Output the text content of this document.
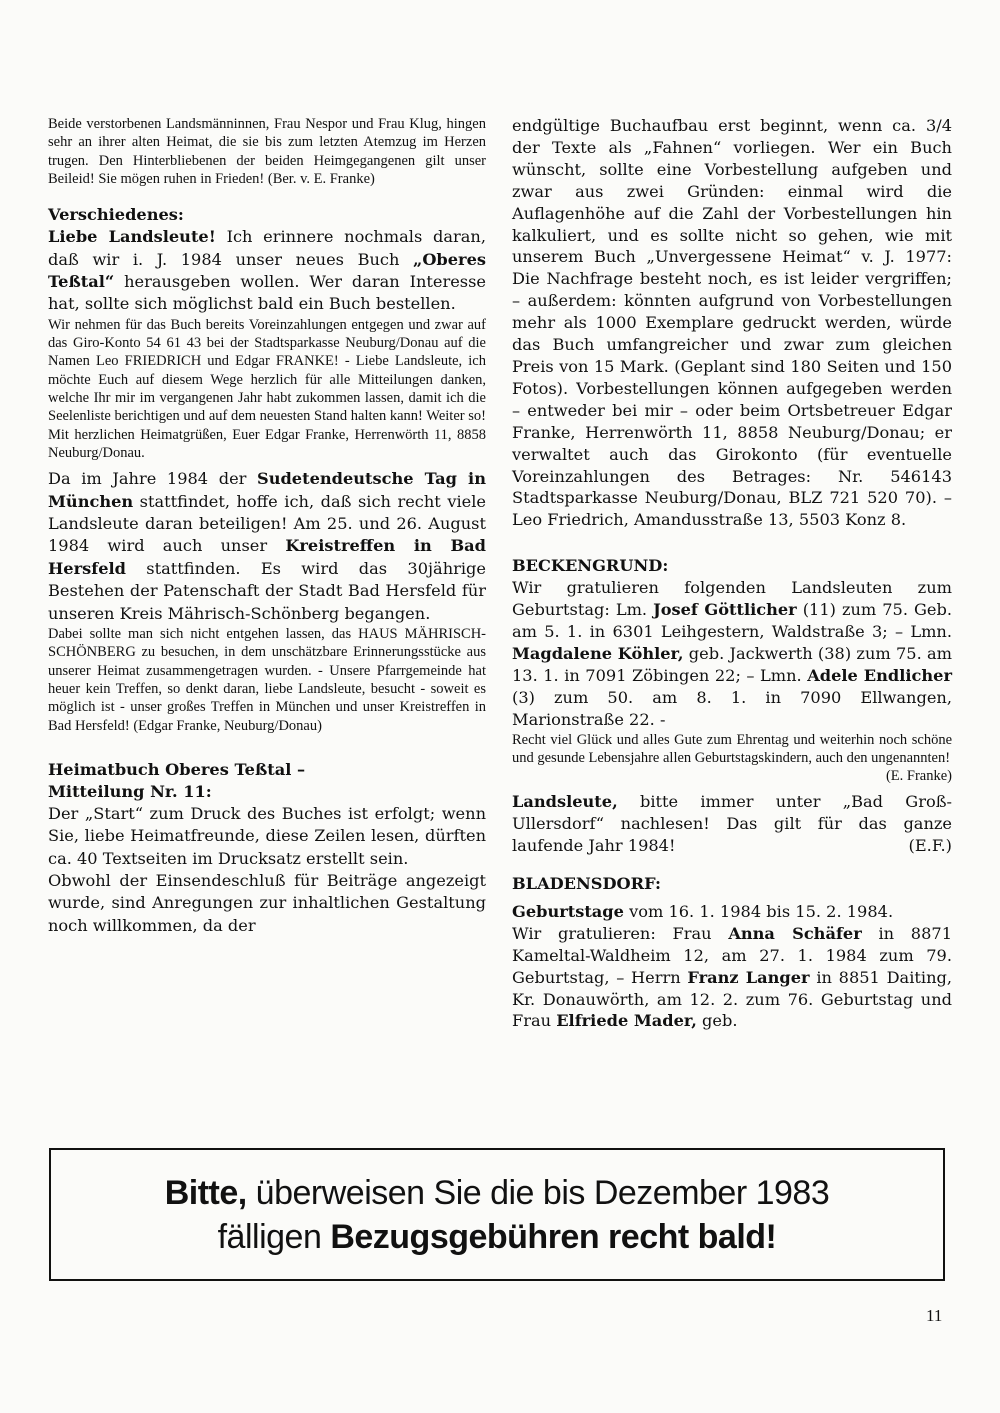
Beide verstorbenen Landsmänninnen, Frau Nespor und Frau Klug, hingen sehr an ihrer alten Heimat, die sie bis zum letzten Atemzug im Herzen trugen. Den Hinterbliebenen der beiden Heimgegangenen gilt unser Beileid! Sie mögen ruhen in Frieden! (Ber. v. E. Franke)

Verschiedenes:

Liebe Landsleute! Ich erinnere nochmals daran, daß wir i. J. 1984 unser neues Buch „Oberes Teßtal“ herausgeben wollen. Wer daran Interesse hat, sollte sich möglichst bald ein Buch bestellen.

Wir nehmen für das Buch bereits Voreinzahlungen entgegen und zwar auf das Giro-Konto 54 61 43 bei der Stadtsparkasse Neuburg/Donau auf die Namen Leo FRIEDRICH und Edgar FRANKE! - Liebe Landsleute, ich möchte Euch auf diesem Wege herzlich für alle Mitteilungen danken, welche Ihr mir im vergangenen Jahr habt zukommen lassen, damit ich die Seelenliste berichtigen und auf dem neuesten Stand halten kann! Weiter so! Mit herzlichen Heimatgrüßen, Euer Edgar Franke, Herrenwörth 11, 8858 Neuburg/Donau.

Da im Jahre 1984 der Sudetendeutsche Tag in München stattfindet, hoffe ich, daß sich recht viele Landsleute daran beteiligen! Am 25. und 26. August 1984 wird auch unser Kreistreffen in Bad Hersfeld stattfinden. Es wird das 30jährige Bestehen der Patenschaft der Stadt Bad Hersfeld für unseren Kreis Mährisch-Schönberg begangen.

Dabei sollte man sich nicht entgehen lassen, das HAUS MÄHRISCH-SCHÖNBERG zu besuchen, in dem unschätzbare Erinnerungsstücke aus unserer Heimat zusammengetragen wurden. - Unsere Pfarrgemeinde hat heuer kein Treffen, so denkt daran, liebe Landsleute, besucht - soweit es möglich ist - unser großes Treffen in München und unser Kreistreffen in Bad Hersfeld! (Edgar Franke, Neuburg/Donau)

Heimatbuch Oberes Teßtal – Mitteilung Nr. 11:

Der „Start“ zum Druck des Buches ist erfolgt; wenn Sie, liebe Heimatfreunde, diese Zeilen lesen, dürften ca. 40 Textseiten im Drucksatz erstellt sein.

Obwohl der Einsendeschluß für Beiträge angezeigt wurde, sind Anregungen zur inhaltlichen Gestaltung noch willkommen, da der

endgültige Buchaufbau erst beginnt, wenn ca. 3/4 der Texte als „Fahnen“ vorliegen. Wer ein Buch wünscht, sollte eine Vorbestellung aufgeben und zwar aus zwei Gründen: einmal wird die Auflagenhöhe auf die Zahl der Vorbestellungen hin kalkuliert, und es sollte nicht so gehen, wie mit unserem Buch „Unvergessene Heimat“ v. J. 1977: Die Nachfrage besteht noch, es ist leider vergriffen; – außerdem: könnten aufgrund von Vorbestellungen mehr als 1000 Exemplare gedruckt werden, würde das Buch umfangreicher und zwar zum gleichen Preis von 15 Mark. (Geplant sind 180 Seiten und 150 Fotos). Vorbestellungen können aufgegeben werden – entweder bei mir – oder beim Ortsbetreuer Edgar Franke, Herrenwörth 11, 8858 Neuburg/Donau; er verwaltet auch das Girokonto (für eventuelle Voreinzahlungen des Betrages: Nr. 546143 Stadtsparkasse Neuburg/Donau, BLZ 721 520 70). – Leo Friedrich, Amandusstraße 13, 5503 Konz 8.

BECKENGRUND:

Wir gratulieren folgenden Landsleuten zum Geburtstag: Lm. Josef Göttlicher (11) zum 75. Geb. am 5. 1. in 6301 Leihgestern, Waldstraße 3; – Lmn. Magdalene Köhler, geb. Jackwerth (38) zum 75. am 13. 1. in 7091 Zöbingen 22; – Lmn. Adele Endlicher (3) zum 50. am 8. 1. in 7090 Ellwangen, Marionstraße 22. -

Recht viel Glück und alles Gute zum Ehrentag und weiterhin noch schöne und gesunde Lebensjahre allen Geburtstagskindern, auch den ungenannten!

(E. Franke)

Landsleute, bitte immer unter „Bad Groß-Ullersdorf“ nachlesen! Das gilt für das ganze laufende Jahr 1984!	(E.F.)

BLADENSDORF:

Geburtstage vom 16. 1. 1984 bis 15. 2. 1984.

Wir gratulieren: Frau Anna Schäfer in 8871 Kameltal-Waldheim 12, am 27. 1. 1984 zum 79. Geburtstag, – Herrn Franz Langer in 8851 Daiting, Kr. Donauwörth, am 12. 2. zum 76. Geburtstag und Frau Elfriede Mader, geb.

Bitte, überweisen Sie die bis Dezember 1983
fälligen Bezugsgebühren recht bald!
11
